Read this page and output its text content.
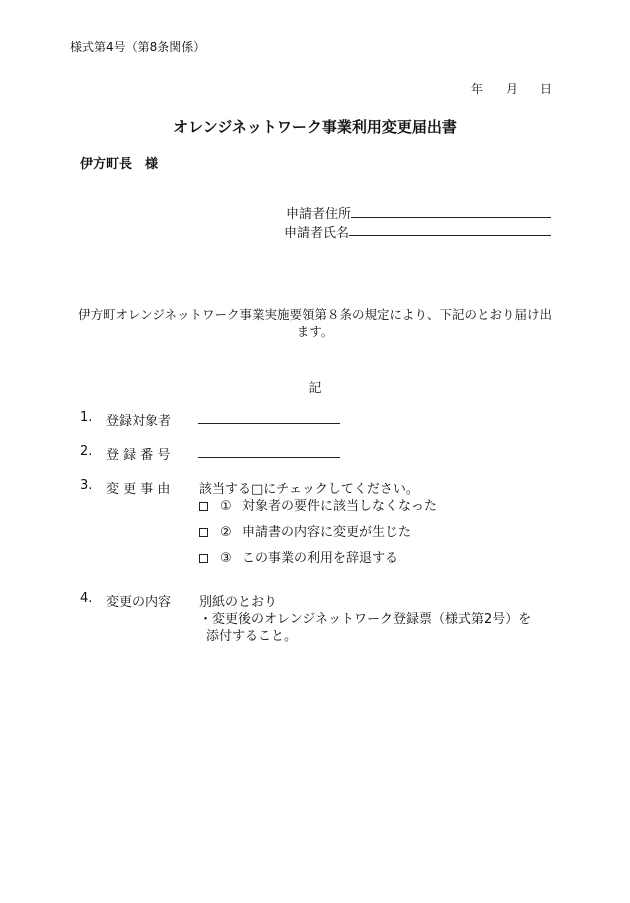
様式第4号（第8条関係）
年 月 日
オレンジネットワーク事業利用変更届出書
伊方町長　様
申請者住所
申請者氏名
伊方町オレンジネットワーク事業実施要領第８条の規定により、下記のとおり届け出
ます。
記
1. 登録対象者
2. 登 録 番 号
3. 変 更 事 由 該当する□にチェックしてください。
① 対象者の要件に該当しなくなった
② 申請書の内容に変更が生じた
③ この事業の利用を辞退する
4. 変更の内容 別紙のとおり
・変更後のオレンジネットワーク登録票（様式第2号）を
添付すること。
